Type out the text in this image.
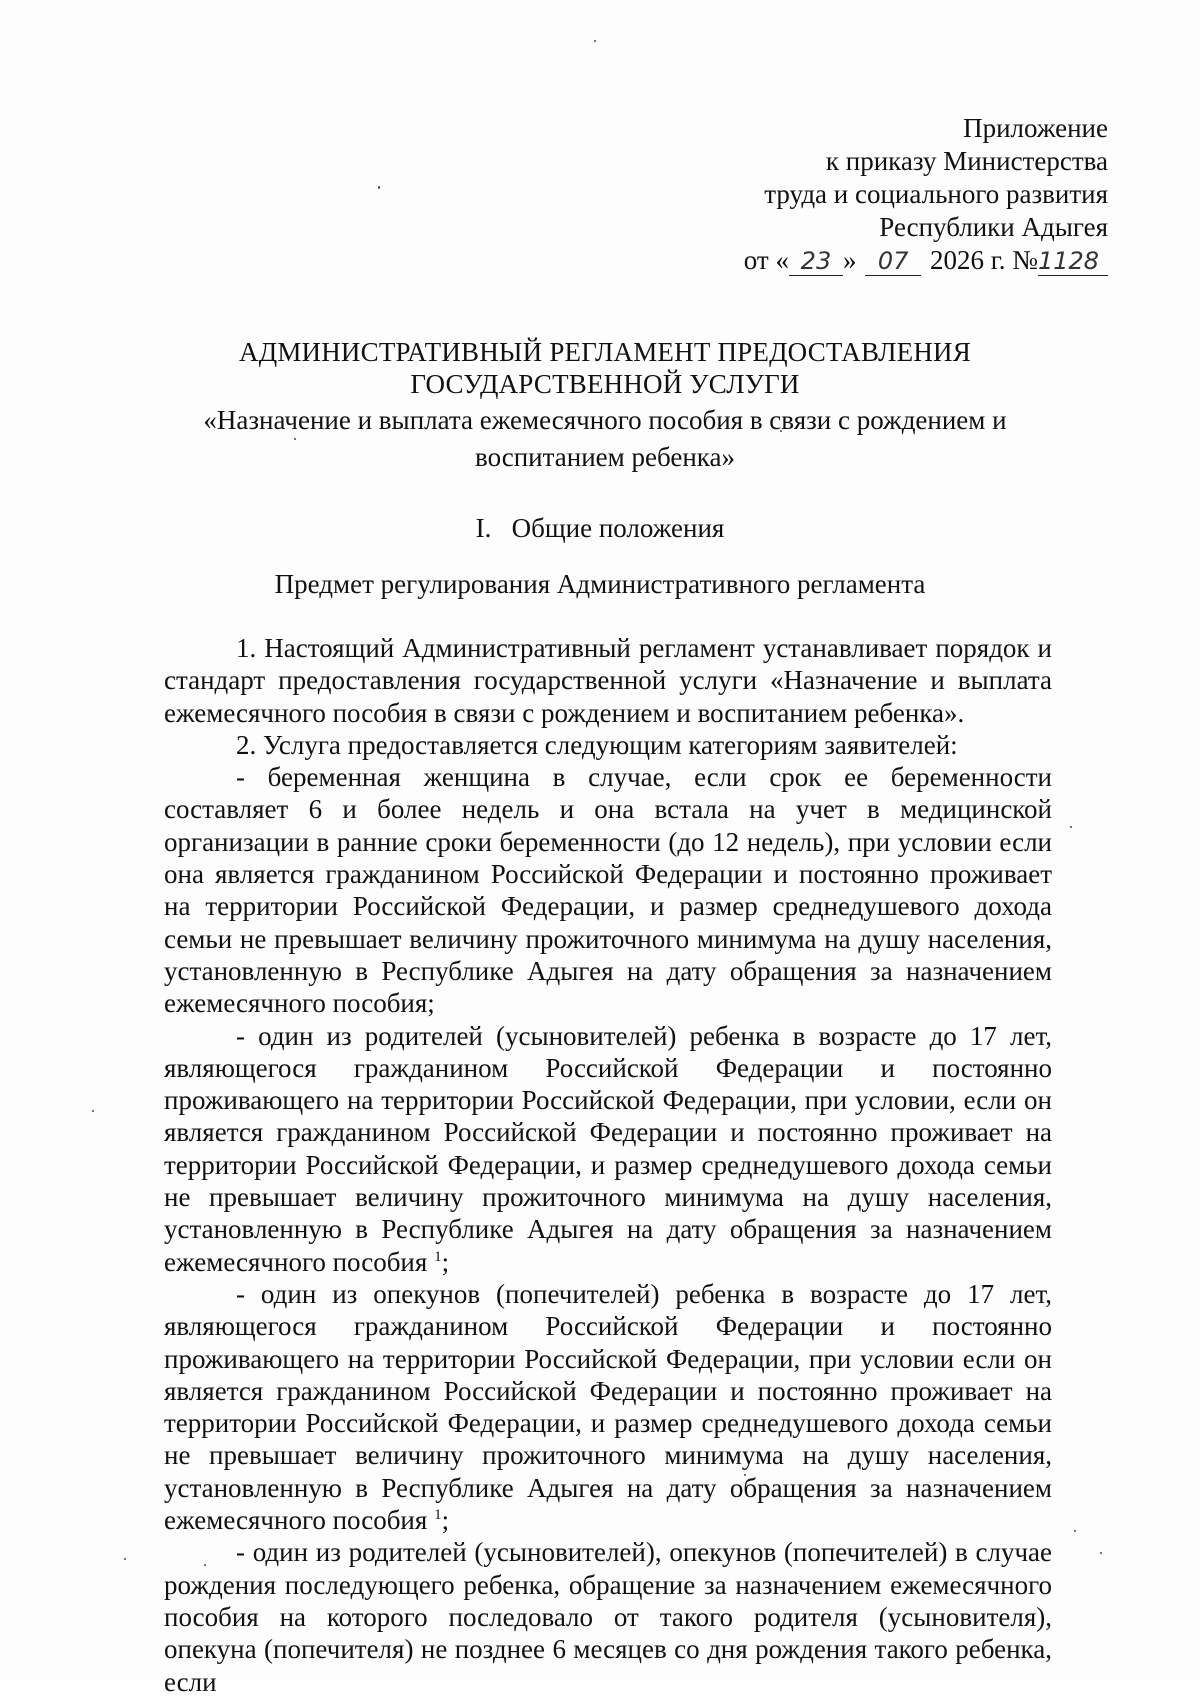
Приложение
к приказу Министерства
труда и социального развития
Республики Адыгея
от « 23 » 07 2026 г. №1128
АДМИНИСТРАТИВНЫЙ РЕГЛАМЕНТ ПРЕДОСТАВЛЕНИЯ
ГОСУДАРСТВЕННОЙ УСЛУГИ
«Назначение и выплата ежемесячного пособия в связи с рождением и
воспитанием ребенка»
I.   Общие положения
Предмет регулирования Административного регламента

1. Настоящий Административный регламент устанавливает порядок и стандарт предоставления государственной услуги «Назначение и выплата ежемесячного пособия в связи с рождением и воспитанием ребенка».

2. Услуга предоставляется следующим категориям заявителей:

- беременная женщина в случае, если срок ее беременности составляет 6 и более недель и она встала на учет в медицинской организации в ранние сроки беременности (до 12 недель), при условии если она является гражданином Российской Федерации и постоянно проживает на территории Российской Федерации, и размер среднедушевого дохода семьи не превышает величину прожиточного минимума на душу населения, установленную в Республике Адыгея на дату обращения за назначением ежемесячного пособия;

- один из родителей (усыновителей) ребенка в возрасте до 17 лет, являющегося гражданином Российской Федерации и постоянно проживающего на территории Российской Федерации, при условии, если он является гражданином Российской Федерации и постоянно проживает на территории Российской Федерации, и размер среднедушевого дохода семьи не превышает величину прожиточного минимума на душу населения, установленную в Республике Адыгея на дату обращения за назначением ежемесячного пособия $^1$;

- один из опекунов (попечителей) ребенка в возрасте до 17 лет, являющегося гражданином Российской Федерации и постоянно проживающего на территории Российской Федерации, при условии если он является гражданином Российской Федерации и постоянно проживает на территории Российской Федерации, и размер среднедушевого дохода семьи не превышает величину прожиточного минимума на душу населения, установленную в Республике Адыгея на дату обращения за назначением ежемесячного пособия $^1$;

- один из родителей (усыновителей), опекунов (попечителей) в случае рождения последующего ребенка, обращение за назначением ежемесячного пособия на которого последовало от такого родителя (усыновителя), опекуна (попечителя) не позднее 6 месяцев со дня рождения такого ребенка, если
